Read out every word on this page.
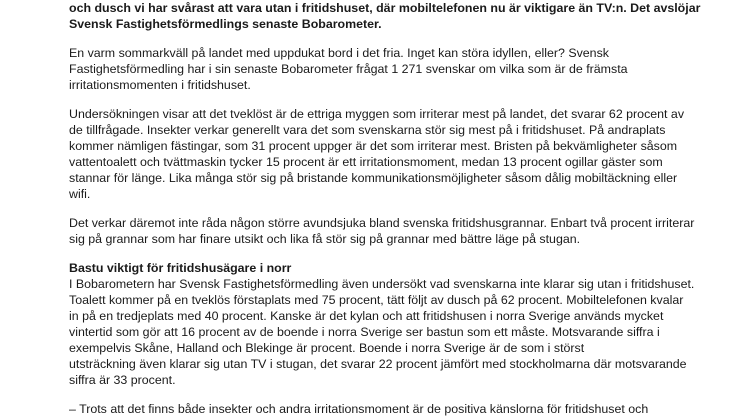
och dusch vi har svårast att vara utan i fritidshuset, där mobiltelefonen nu är viktigare än TV:n. Det avslöjar
Svensk Fastighetsförmedlings senaste Bobarometer.
En varm sommarkväll på landet med uppdukat bord i det fria. Inget kan störa idyllen, eller? Svensk
Fastighetsförmedling har i sin senaste Bobarometer frågat 1 271 svenskar om vilka som är de främsta
irritationsmomenten i fritidshuset.
Undersökningen visar att det tveklöst är de ettriga myggen som irriterar mest på landet, det svarar 62 procent av
de tillfrågade. Insekter verkar generellt vara det som svenskarna stör sig mest på i fritidshuset. På andraplats
kommer nämligen fästingar, som 31 procent uppger är det som irriterar mest. Bristen på bekvämligheter såsom
vattentoalett och tvättmaskin tycker 15 procent är ett irritationsmoment, medan 13 procent ogillar gäster som
stannar för länge. Lika många stör sig på bristande kommunikationsmöjligheter såsom dålig mobiltäckning eller
wifi.
Det verkar däremot inte råda någon större avundsjuka bland svenska fritidshusgrannar. Enbart två procent irriterar
sig på grannar som har finare utsikt och lika få stör sig på grannar med bättre läge på stugan.
Bastu viktigt för fritidshusägare i norr
I Bobarometern har Svensk Fastighetsförmedling även undersökt vad svenskarna inte klarar sig utan i fritidshuset.
Toalett kommer på en tveklös förstaplats med 75 procent, tätt följt av dusch på 62 procent. Mobiltelefonen kvalar
in på en tredjeplats med 40 procent. Kanske är det kylan och att fritidshusen i norra Sverige används mycket
vintertid som gör att 16 procent av de boende i norra Sverige ser bastun som ett måste. Motsvarande siffra i
exempelvis Skåne, Halland och Blekinge är procent. Boende i norra Sverige är de som i störst
utsträckning även klarar sig utan TV i stugan, det svarar 22 procent jämfört med stockholmarna där motsvarande
siffra är 33 procent.
– Trots att det finns både insekter och andra irritationsmoment är de positiva känslorna för fritidshuset och
